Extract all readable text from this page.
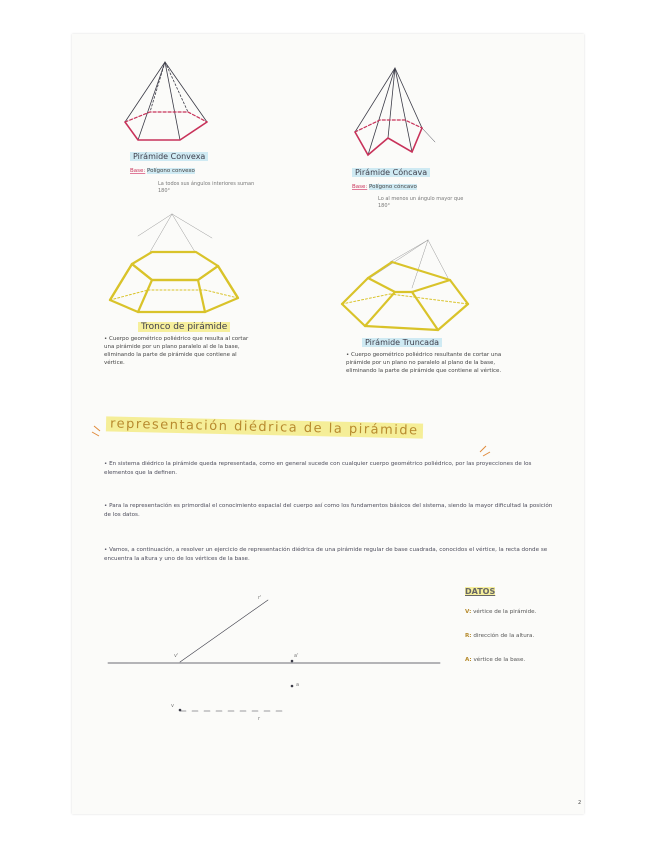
Pirámide Convexa
Base: Polígono convexo
La todos sus ángulos interiores suman 180°
Pirámide Cóncava
Base: Polígono cóncavo
Lo al menos un ángulo mayor que 180°
Tronco de pirámide
• Cuerpo geométrico poliédrico que resulta al cortar una pirámide por un plano paralelo al de la base, eliminando la parte de pirámide que contiene al vértice.
Pirámide Truncada
• Cuerpo geométrico poliédrico resultante de cortar una pirámide por un plano no paralelo al plano de la base, eliminando la parte de pirámide que contiene al vértice.
representación diédrica de la pirámide
• En sistema diédrico la pirámide queda representada, como en general sucede con cualquier cuerpo geométrico poliédrico, por las proyecciones de los elementos que la definen.
• Para la representación es primordial el conocimiento espacial del cuerpo así como los fundamentos básicos del sistema, siendo la mayor dificultad la posición de los datos.
• Vamos, a continuación, a resolver un ejercicio de representación diédrica de una pirámide regular de base cuadrada, conocidos el vértice, la recta donde se encuentra la altura y uno de los vértices de la base.
DATOS
V: vértice de la pirámide.
R: dirección de la altura.
A: vértice de la base.
r'
v'	a'
a
v
r
2
